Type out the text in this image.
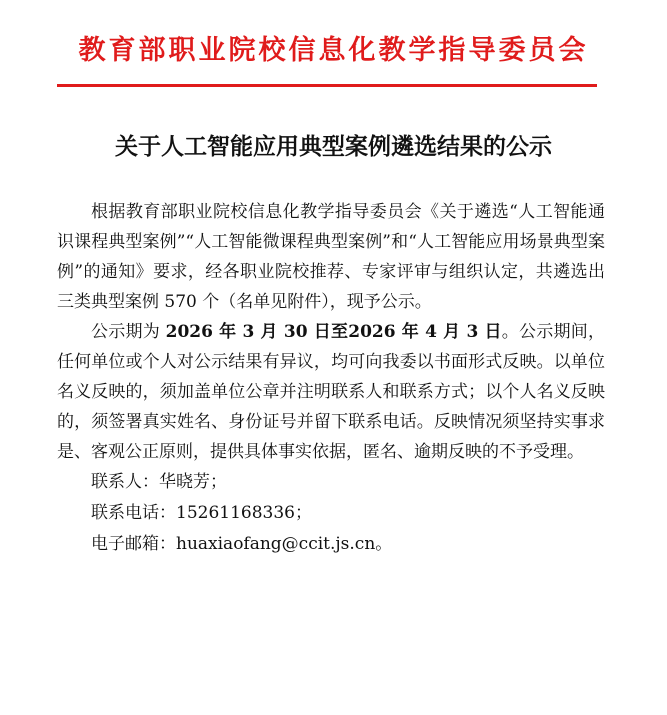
教育部职业院校信息化教学指导委员会
关于人工智能应用典型案例遴选结果的公示

根据教育部职业院校信息化教学指导委员会《关于遴选“人工智能通识课程典型案例”“人工智能微课程典型案例”和“人工智能应用场景典型案例”的通知》要求，经各职业院校推荐、专家评审与组织认定，共遴选出三类典型案例 570 个（名单见附件），现予公示。

公示期为 2026 年 3 月 30 日至2026 年 4 月 3 日。公示期间，任何单位或个人对公示结果有异议，均可向我委以书面形式反映。以单位名义反映的，须加盖单位公章并注明联系人和联系方式；以个人名义反映的，须签署真实姓名、身份证号并留下联系电话。反映情况须坚持实事求是、客观公正原则，提供具体事实依据，匿名、逾期反映的不予受理。

联系人：华晓芳；

联系电话：15261168336；

电子邮箱：huaxiaofang@ccit.js.cn。
